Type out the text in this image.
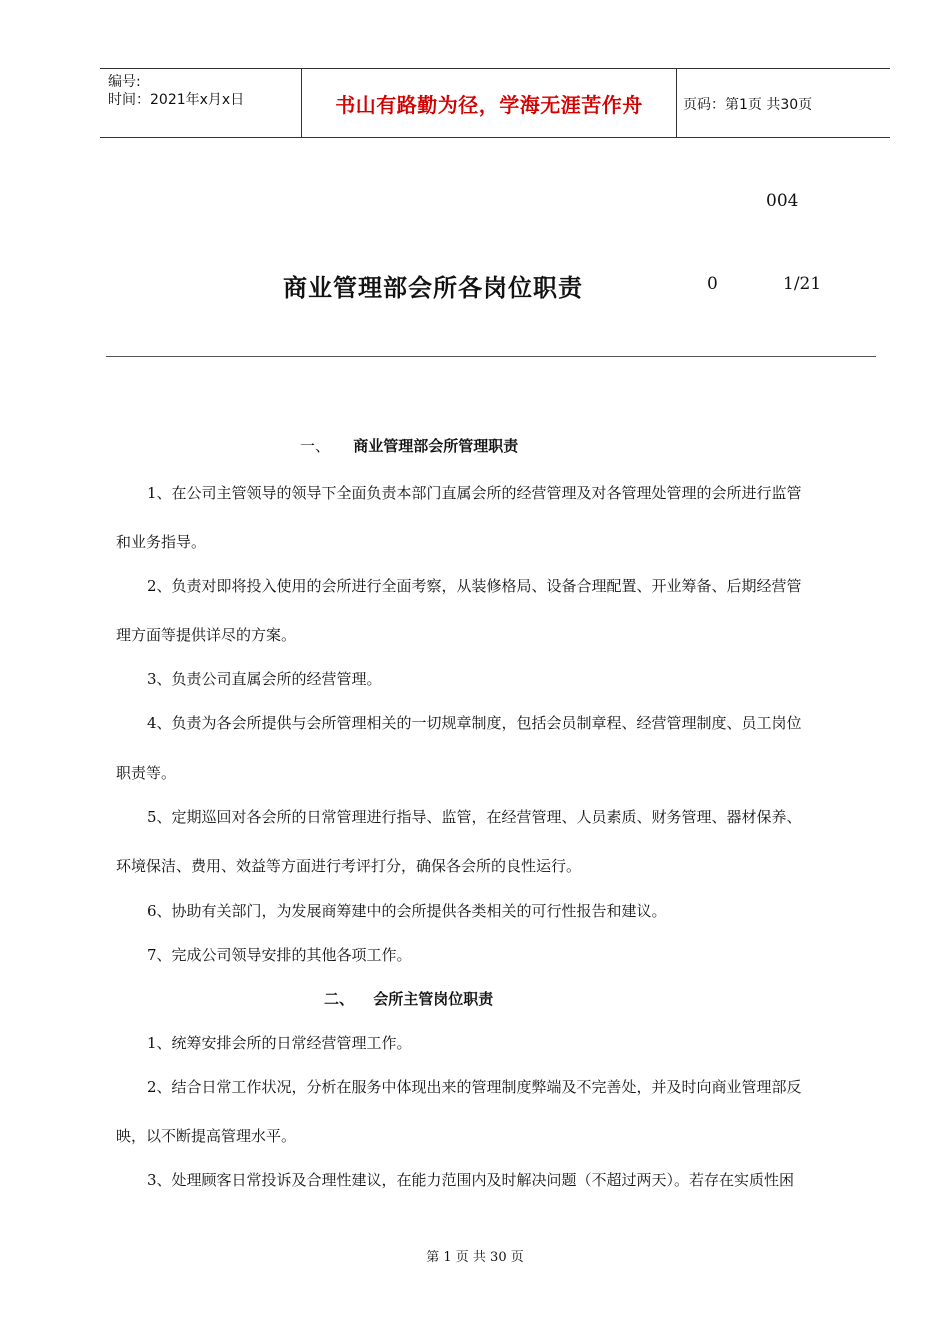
编号:
时间：2021年x月x日	书山有路勤为径，学海无涯苦作舟	页码：第1页 共30页
004
商业管理部会所各岗位职责	0	1/21
一、 商业管理部会所管理职责
1、在公司主管领导的领导下全面负责本部门直属会所的经营管理及对各管理处管理的会所进行监管
和业务指导。
2、负责对即将投入使用的会所进行全面考察，从装修格局、设备合理配置、开业筹备、后期经营管
理方面等提供详尽的方案。
3、负责公司直属会所的经营管理。
4、负责为各会所提供与会所管理相关的一切规章制度，包括会员制章程、经营管理制度、员工岗位
职责等。
5、定期巡回对各会所的日常管理进行指导、监管，在经营管理、人员素质、财务管理、器材保养、
环境保洁、费用、效益等方面进行考评打分，确保各会所的良性运行。
6、协助有关部门，为发展商筹建中的会所提供各类相关的可行性报告和建议。
7、完成公司领导安排的其他各项工作。
二、 会所主管岗位职责
1、统筹安排会所的日常经营管理工作。
2、结合日常工作状况，分析在服务中体现出来的管理制度弊端及不完善处，并及时向商业管理部反
映，以不断提高管理水平。
3、处理顾客日常投诉及合理性建议，在能力范围内及时解决问题（不超过两天）。若存在实质性困
第 1 页 共 30 页
